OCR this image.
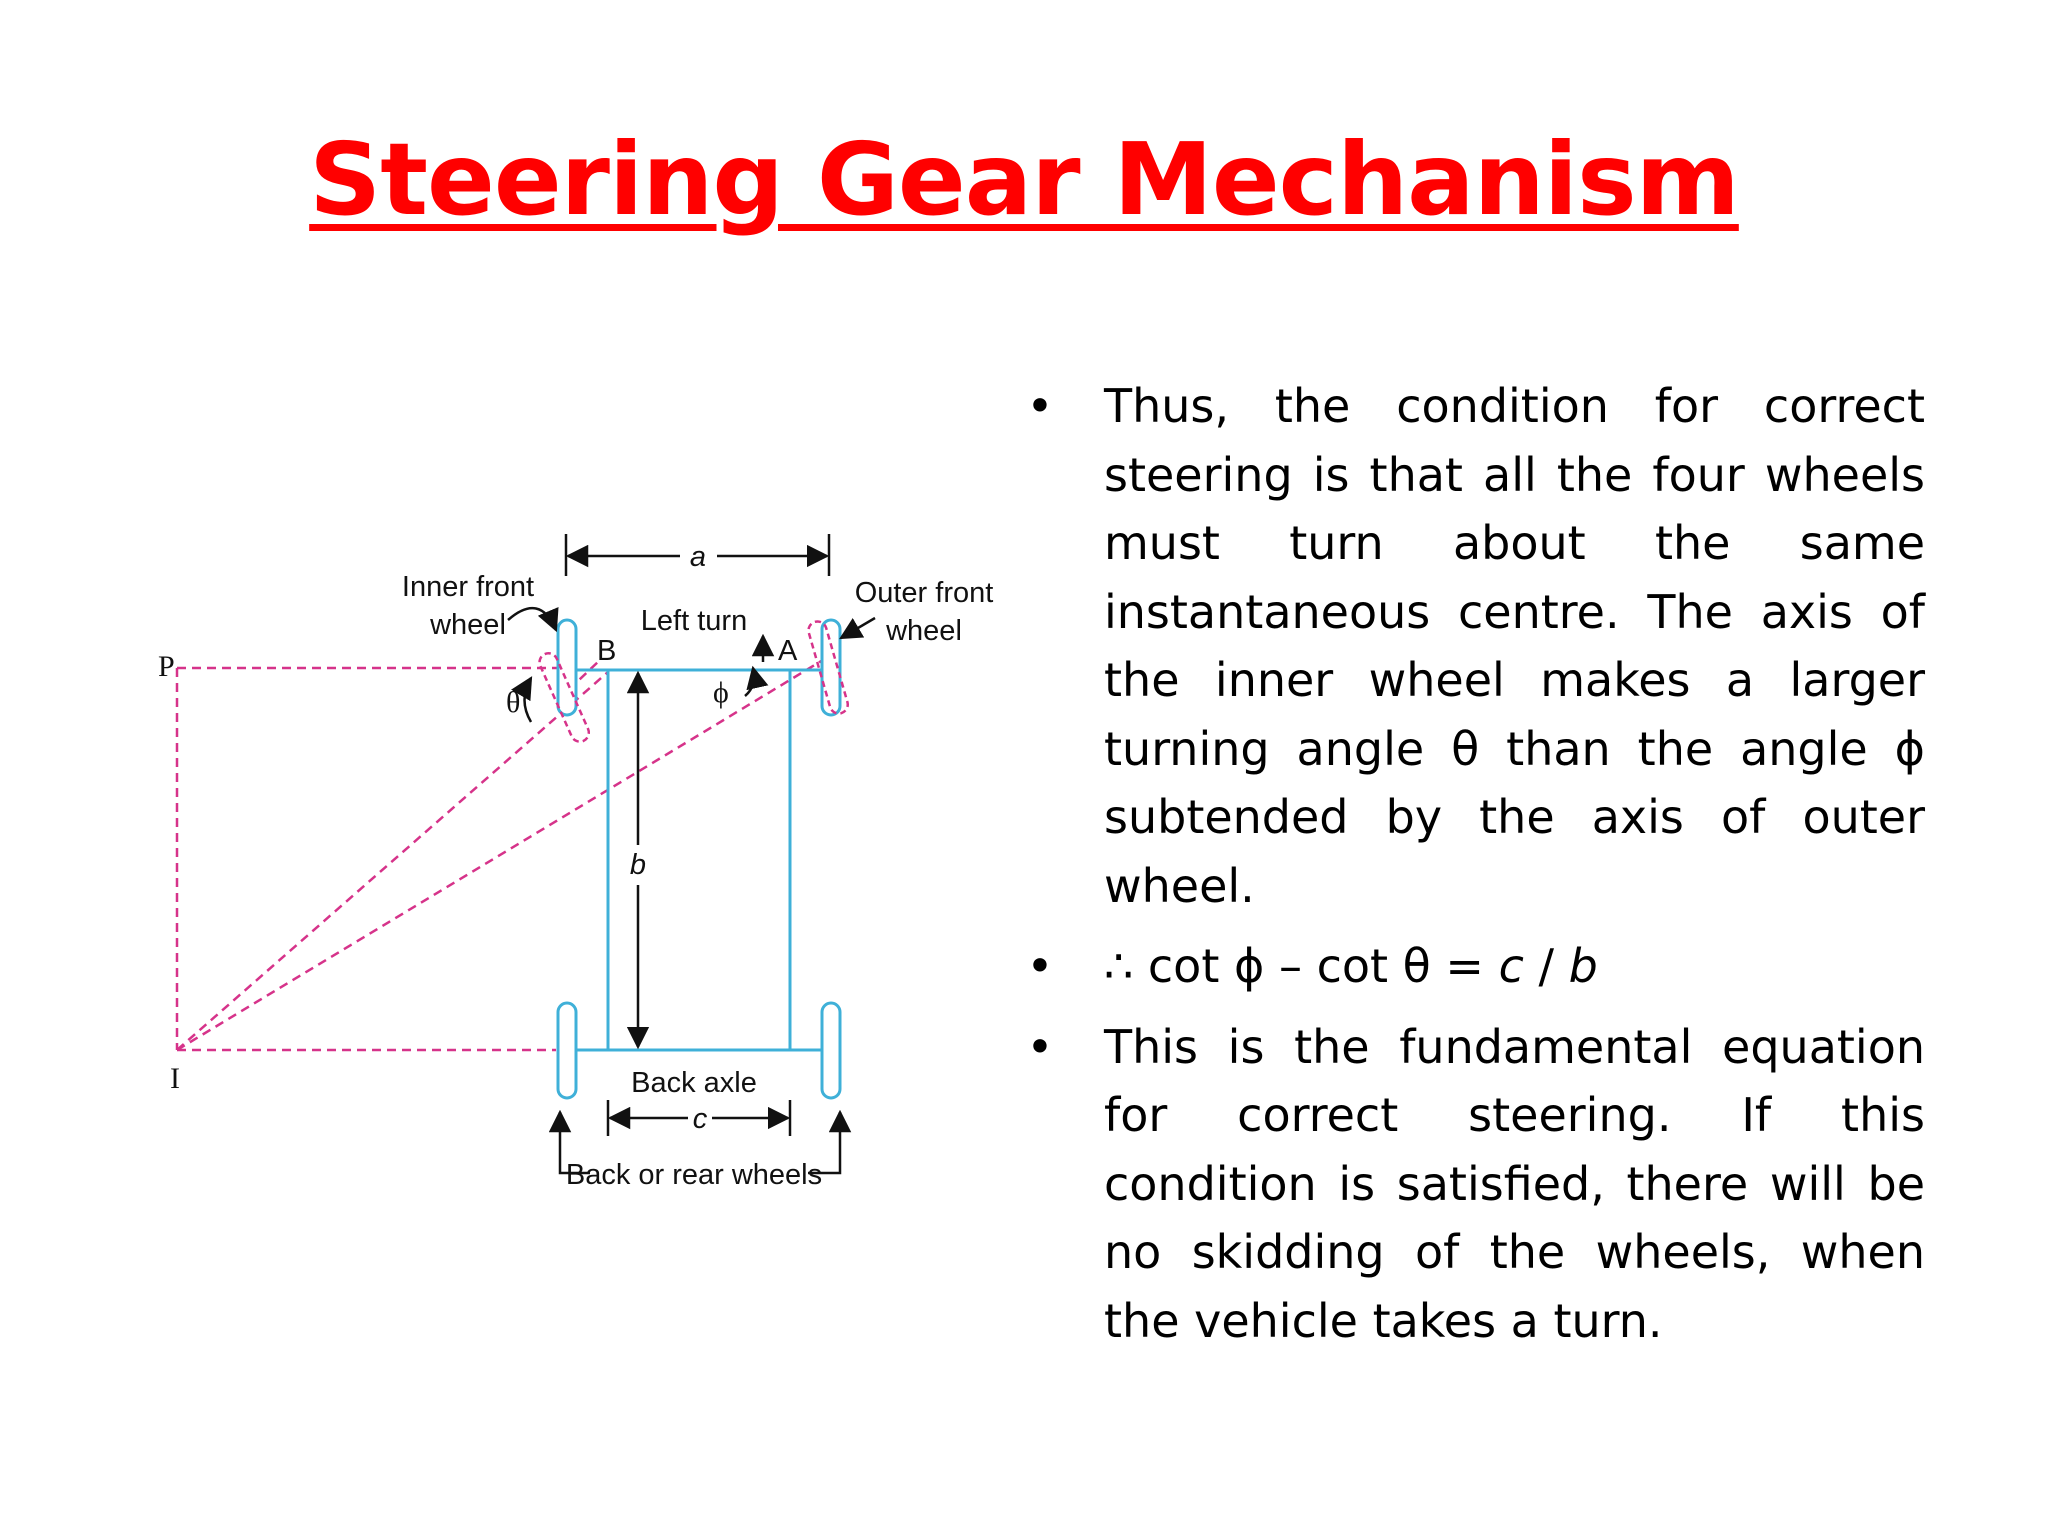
Steering Gear Mechanism
Inner front
wheel
Outer front
wheel
Left turn
a
b
c
P
I
B	A
θ	ϕ
Back axle
Back or rear wheels
• Thus, the condition for correct steering is that all the four wheels must turn about the same instantaneous centre. The axis of the inner wheel makes a larger turning angle θ than the angle ϕ subtended by the axis of outer wheel.
• ∴ cot ϕ – cot θ = c / b
• This is the fundamental equation for correct steering. If this condition is satisfied, there will be no skidding of the wheels, when the vehicle takes a turn.
